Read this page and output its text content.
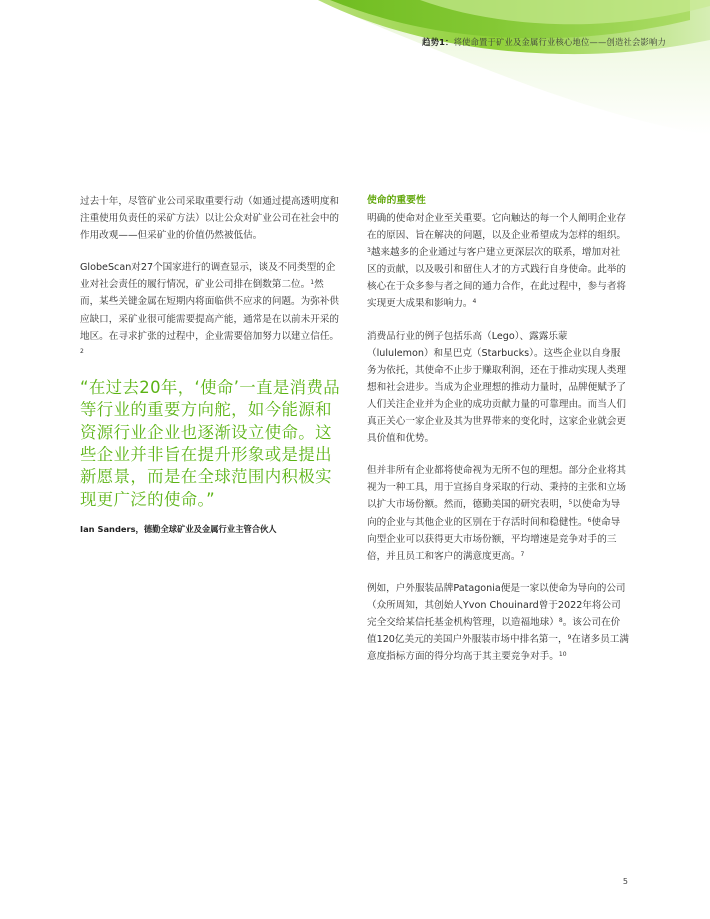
趋势1：将使命置于矿业及金属行业核心地位——创造社会影响力

过去十年，尽管矿业公司采取重要行动（如通过提高透明度和注重使用负责任的采矿方法）以让公众对矿业公司在社会中的作用改观——但采矿业的价值仍然被低估。

GlobeScan对27个国家进行的调查显示，谈及不同类型的企业对社会责任的履行情况，矿业公司排在倒数第二位。$^1$然而，某些关键金属在短期内将面临供不应求的问题。为弥补供应缺口，采矿业很可能需要提高产能，通常是在以前未开采的地区。在寻求扩张的过程中，企业需要倍加努力以建立信任。$^2$

“在过去20年，‘使命’一直是消费品等行业的重要方向舵，如今能源和资源行业企业也逐渐设立使命。这些企业并非旨在提升形象或是提出新愿景，而是在全球范围内积极实现更广泛的使命。”

Ian Sanders，德勤全球矿业及金属行业主管合伙人

使命的重要性

明确的使命对企业至关重要。它向触达的每一个人阐明企业存在的原因、旨在解决的问题，以及企业希望成为怎样的组织。$^3$越来越多的企业通过与客户建立更深层次的联系，增加对社区的贡献，以及吸引和留住人才的方式践行自身使命。此举的核心在于众多参与者之间的通力合作，在此过程中，参与者将实现更大成果和影响力。$^4$

消费品行业的例子包括乐高（Lego）、露露乐蒙（lululemon）和星巴克（Starbucks）。这些企业以自身服务为依托，其使命不止步于赚取利润，还在于推动实现人类理想和社会进步。当成为企业理想的推动力量时，品牌便赋予了人们关注企业并为企业的成功贡献力量的可靠理由。而当人们真正关心一家企业及其为世界带来的变化时，这家企业就会更具价值和优势。

但并非所有企业都将使命视为无所不包的理想。部分企业将其视为一种工具，用于宣扬自身采取的行动、秉持的主张和立场以扩大市场份额。然而，德勤美国的研究表明，$^5$以使命为导向的企业与其他企业的区别在于存活时间和稳健性。$^6$使命导向型企业可以获得更大市场份额，平均增速是竞争对手的三倍，并且员工和客户的满意度更高。$^7$

例如，户外服装品牌Patagonia便是一家以使命为导向的公司（众所周知，其创始人Yvon Chouinard曾于2022年将公司完全交给某信托基金机构管理，以造福地球）$^8$。该公司在价值120亿美元的美国户外服装市场中排名第一，$^9$在诸多员工满意度指标方面的得分均高于其主要竞争对手。$^{10}$

5
